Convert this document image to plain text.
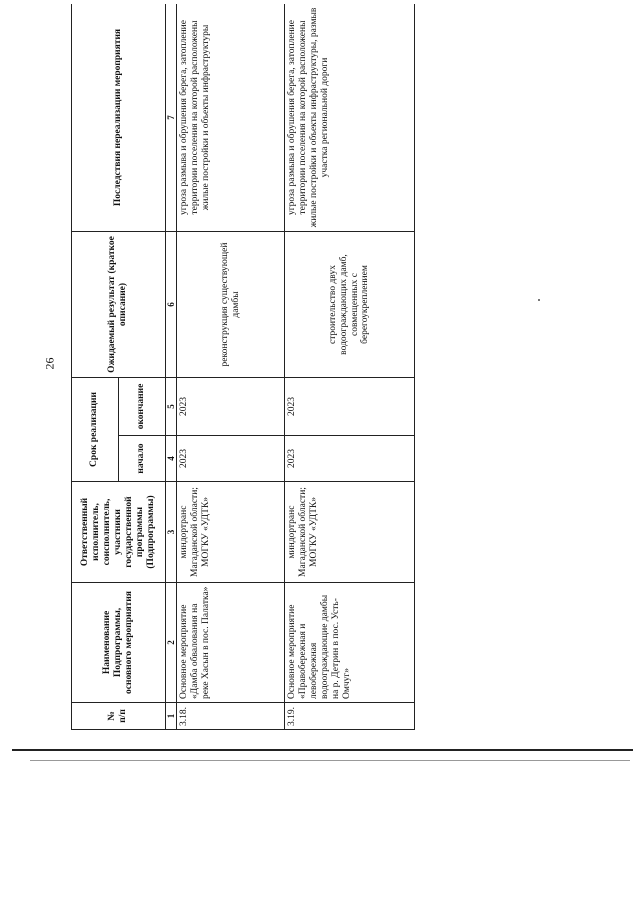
26
№ п/п	Наименование Подпрограммы, основного мероприятия	Ответственный исполнитель, соисполнитель, участники государственной программы (Подпрограммы)	Срок реализации		Ожидаемый результат (краткое описание)	Последствия нереализации мероприятия
			начало	окончание		
1	2	3	4	5	6	7
3.18.	Основное мероприятие «Дамба обвалования на реке Хасын в пос. Палатка»	миндортранс Магаданской области; МОГКУ «УДТК»	2023	2023	реконструкция существующей дамбы	угроза размыва и обрушения берега, затопление территории поселения на которой расположены жилые постройки и объекты инфраструктуры
3.19.	Основное мероприятие «Правобережная и левобережная водоограждающие дамбы на р. Детрин в пос. Усть-Омчуг»	миндортранс Магаданской области; МОГКУ «УДТК»	2023	2023	строительство двух водоограждающих дамб, совмещенных с берегоукреплением	угроза размыва и обрушения берега, затопление территории поселения на которой расположены жилые постройки и объекты инфраструктуры, размыв участка региональной дороги
